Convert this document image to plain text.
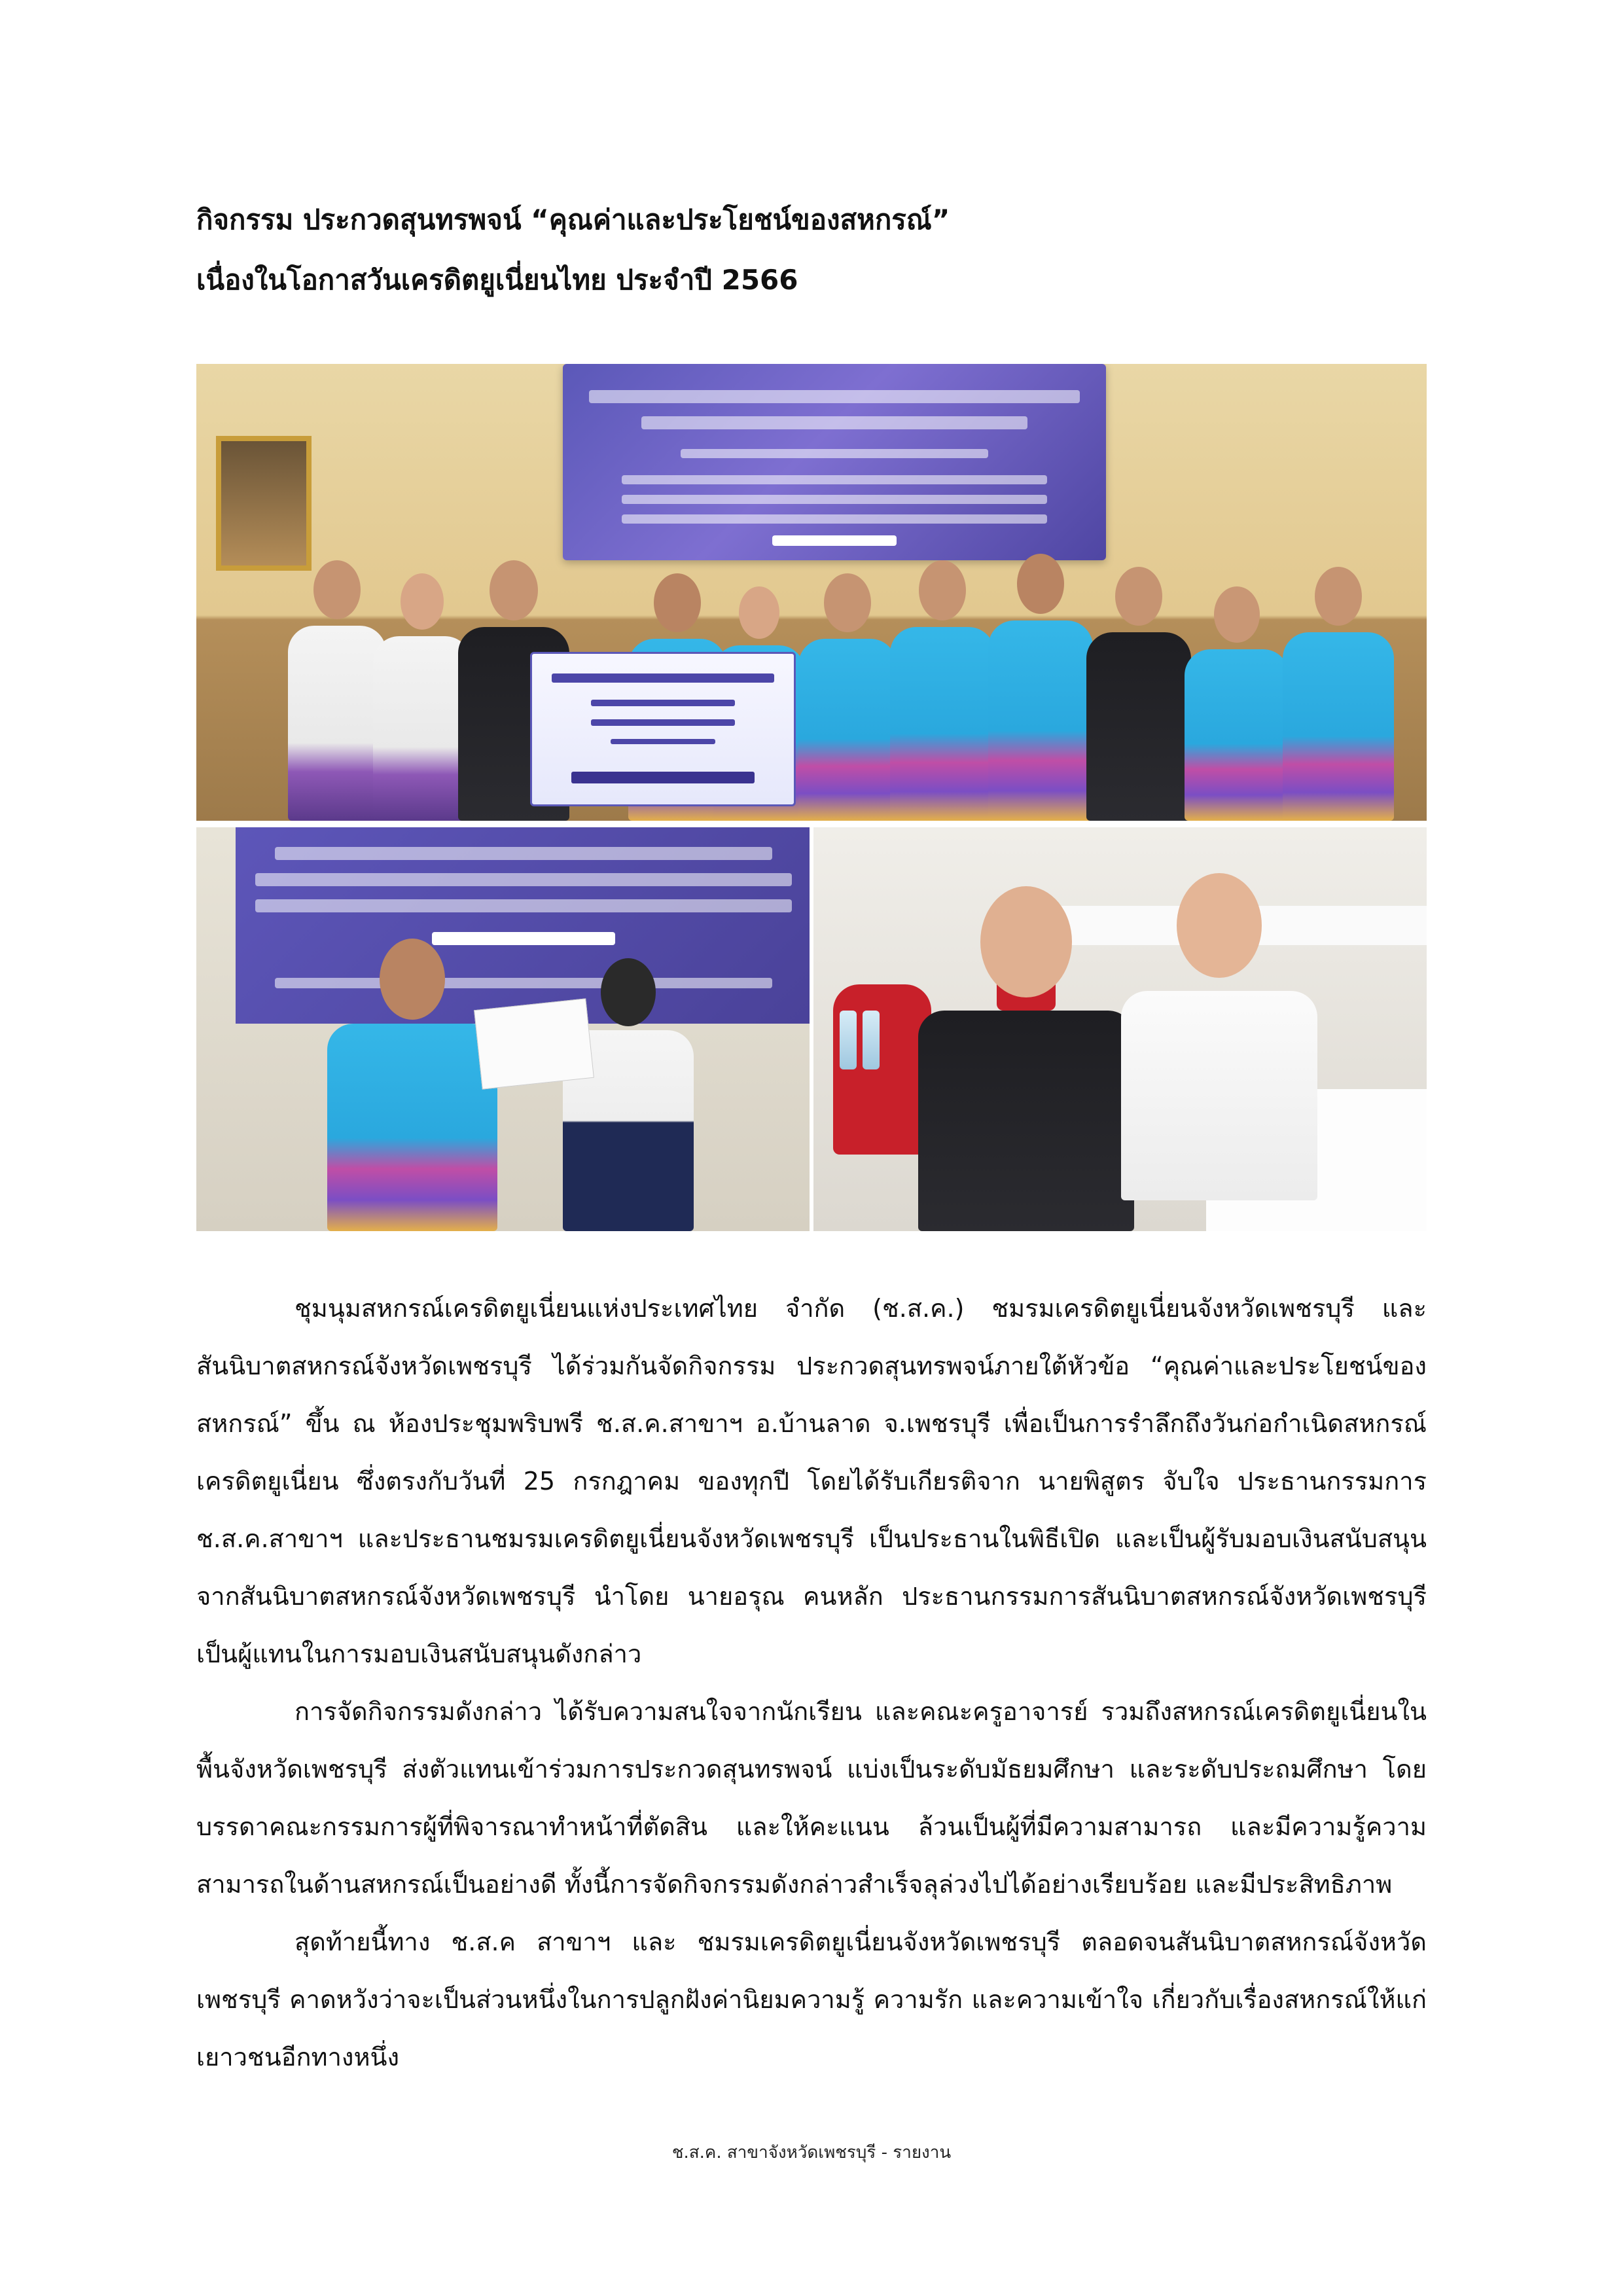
กิจกรรม ประกวดสุนทรพจน์ “คุณค่าและประโยชน์ของสหกรณ์”
เนื่องในโอกาสวันเครดิตยูเนี่ยนไทย ประจำปี 2566

ชุมนุมสหกรณ์เครดิตยูเนี่ยนแห่งประเทศไทย จำกัด (ช.ส.ค.) ชมรมเครดิตยูเนี่ยนจังหวัดเพชรบุรี และสันนิบาตสหกรณ์จังหวัดเพชรบุรี ได้ร่วมกันจัดกิจกรรม ประกวดสุนทรพจน์ภายใต้หัวข้อ “คุณค่าและประโยชน์ของสหกรณ์” ขึ้น ณ ห้องประชุมพริบพรี ช.ส.ค.สาขาฯ อ.บ้านลาด จ.เพชรบุรี เพื่อเป็นการรำลึกถึงวันก่อกำเนิดสหกรณ์เครดิตยูเนี่ยน ซึ่งตรงกับวันที่ 25 กรกฎาคม ของทุกปี โดยได้รับเกียรติจาก นายพิสูตร จับใจ ประธานกรรมการ ช.ส.ค.สาขาฯ และประธานชมรมเครดิตยูเนี่ยนจังหวัดเพชรบุรี เป็นประธานในพิธีเปิด และเป็นผู้รับมอบเงินสนับสนุนจากสันนิบาตสหกรณ์จังหวัดเพชรบุรี นำโดย นายอรุณ คนหลัก ประธานกรรมการสันนิบาตสหกรณ์จังหวัดเพชรบุรี เป็นผู้แทนในการมอบเงินสนับสนุนดังกล่าว

การจัดกิจกรรมดังกล่าว ได้รับความสนใจจากนักเรียน และคณะครูอาจารย์ รวมถึงสหกรณ์เครดิตยูเนี่ยนในพื้นจังหวัดเพชรบุรี ส่งตัวแทนเข้าร่วมการประกวดสุนทรพจน์ แบ่งเป็นระดับมัธยมศึกษา และระดับประถมศึกษา โดยบรรดาคณะกรรมการผู้ที่พิจารณาทำหน้าที่ตัดสิน และให้คะแนน ล้วนเป็นผู้ที่มีความสามารถ และมีความรู้ความสามารถในด้านสหกรณ์เป็นอย่างดี ทั้งนี้การจัดกิจกรรมดังกล่าวสำเร็จลุล่วงไปได้อย่างเรียบร้อย และมีประสิทธิภาพ

สุดท้ายนี้ทาง ช.ส.ค สาขาฯ และ ชมรมเครดิตยูเนี่ยนจังหวัดเพชรบุรี ตลอดจนสันนิบาตสหกรณ์จังหวัดเพชรบุรี คาดหวังว่าจะเป็นส่วนหนึ่งในการปลูกฝังค่านิยมความรู้ ความรัก และความเข้าใจ เกี่ยวกับเรื่องสหกรณ์ให้แก่เยาวชนอีกทางหนึ่ง

ช.ส.ค. สาขาจังหวัดเพชรบุรี - รายงาน
